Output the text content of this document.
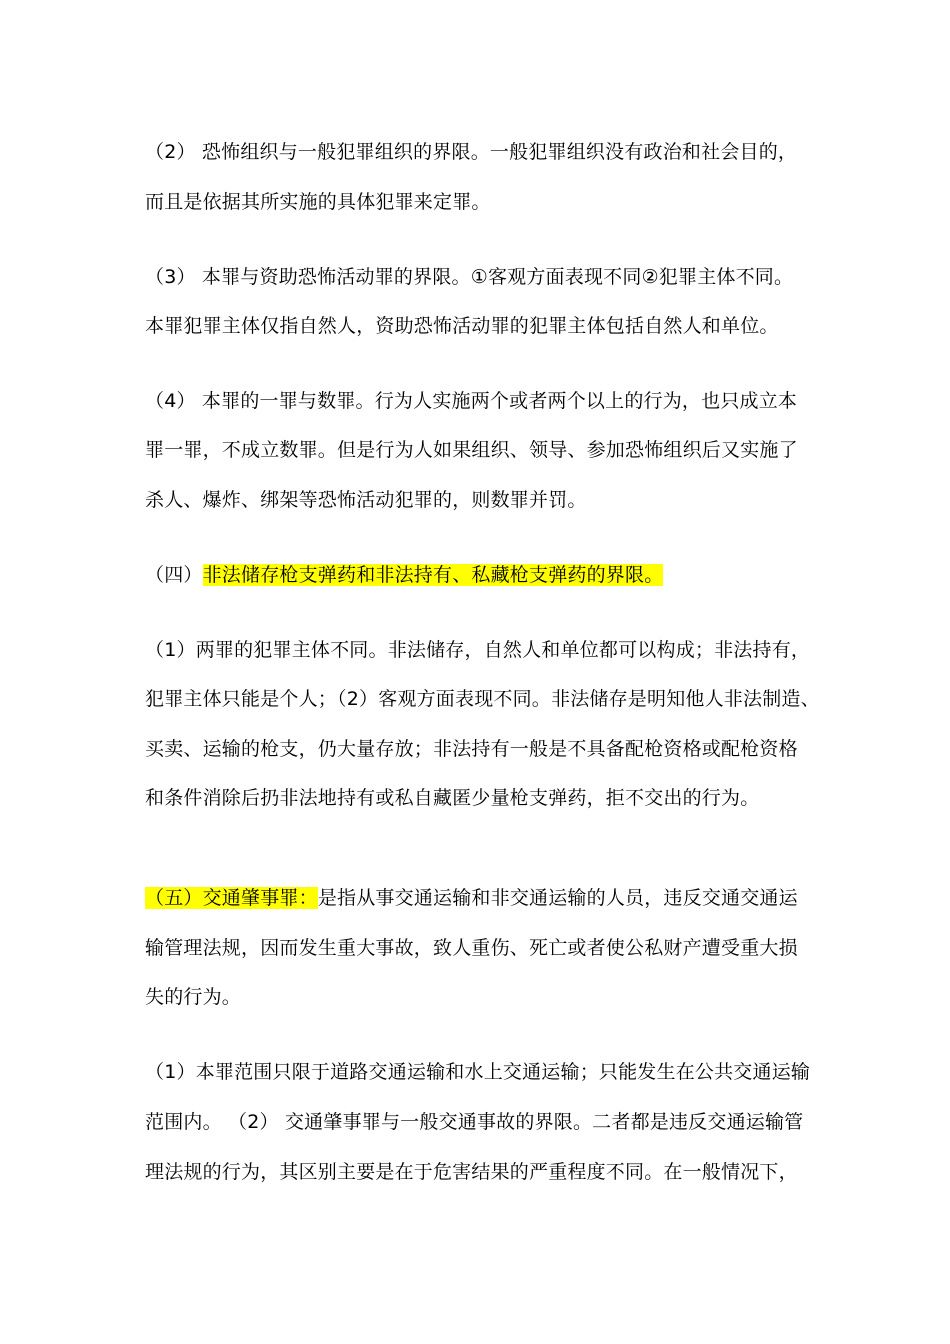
（2） 恐怖组织与一般犯罪组织的界限。一般犯罪组织没有政治和社会目的，
而且是依据其所实施的具体犯罪来定罪。
（3） 本罪与资助恐怖活动罪的界限。①客观方面表现不同②犯罪主体不同。
本罪犯罪主体仅指自然人，资助恐怖活动罪的犯罪主体包括自然人和单位。
（4） 本罪的一罪与数罪。行为人实施两个或者两个以上的行为，也只成立本
罪一罪，不成立数罪。但是行为人如果组织、领导、参加恐怖组织后又实施了
杀人、爆炸、绑架等恐怖活动犯罪的，则数罪并罚。
（四）非法储存枪支弹药和非法持有、私藏枪支弹药的界限。
（1）两罪的犯罪主体不同。非法储存，自然人和单位都可以构成；非法持有，
犯罪主体只能是个人；（2）客观方面表现不同。非法储存是明知他人非法制造、
买卖、运输的枪支，仍大量存放；非法持有一般是不具备配枪资格或配枪资格
和条件消除后扔非法地持有或私自藏匿少量枪支弹药，拒不交出的行为。
（五）交通肇事罪：是指从事交通运输和非交通运输的人员，违反交通交通运
输管理法规，因而发生重大事故，致人重伤、死亡或者使公私财产遭受重大损
失的行为。
（1）本罪范围只限于道路交通运输和水上交通运输；只能发生在公共交通运输
范围内。 （2） 交通肇事罪与一般交通事故的界限。二者都是违反交通运输管
理法规的行为，其区别主要是在于危害结果的严重程度不同。在一般情况下，
